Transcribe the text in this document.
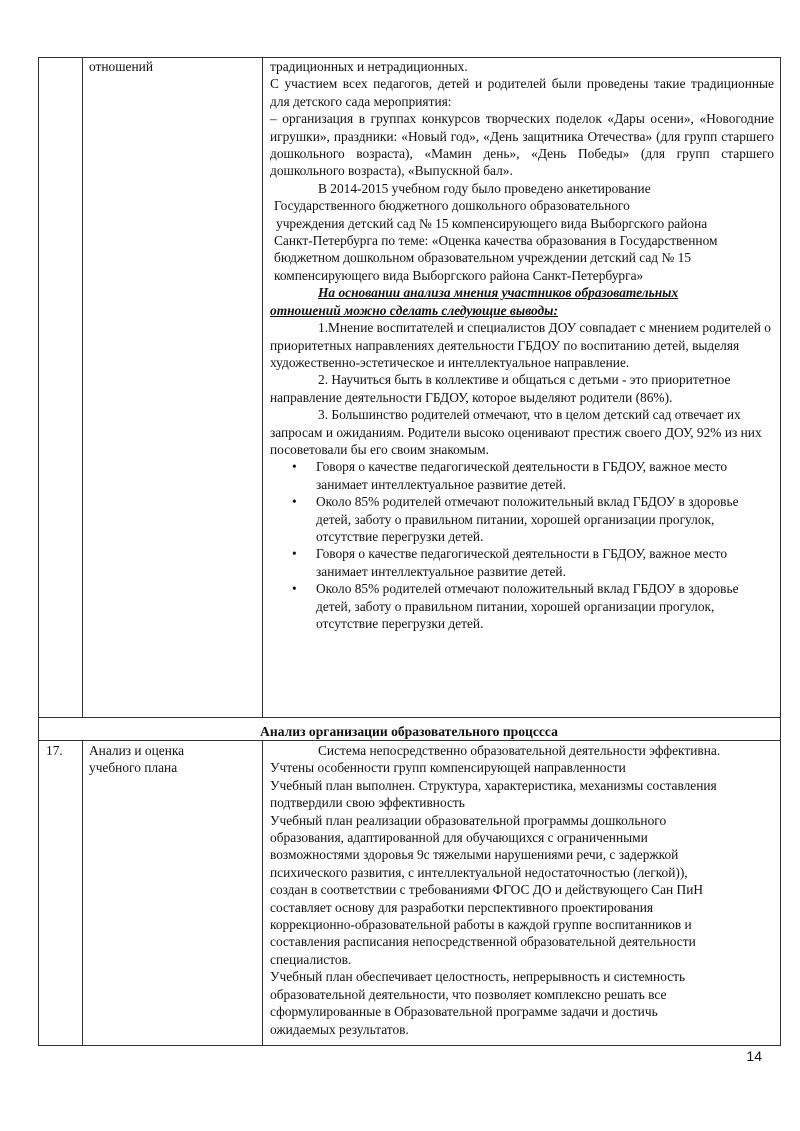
отношений	традиционных и нетрадиционных.

С участием всех педагогов, детей и родителей были проведены такие традиционные для детского сада мероприятия:

– организация в группах конкурсов творческих поделок «Дары осени», «Новогодние игрушки», праздники: «Новый год», «День защитника Отечества» (для групп старшего дошкольного возраста), «Мамин день», «День Победы» (для групп старшего дошкольного возраста), «Выпускной бал».

В 2014-2015 учебном году было проведено анкетирование
Государственного бюджетного дошкольного образовательного
учреждения детский сад № 15 компенсирующего вида Выборгского района
Санкт-Петербурга по теме: «Оценка качества образования в Государственном
бюджетном дошкольном образовательном учреждении детский сад № 15
компенсирующего вида Выборгского района Санкт-Петербурга»
На основании анализа мнения участников образовательных
отношений можно сделать следующие выводы:

1.Мнение воспитателей и специалистов ДОУ совпадает с мнением родителей о приоритетных направлениях деятельности ГБДОУ по воспитанию детей, выделяя художественно-эстетическое и интеллектуальное направление.

2. Научиться быть в коллективе и общаться с детьми - это приоритетное направление деятельности ГБДОУ, которое выделяют родители (86%).

3. Большинство родителей отмечают, что в целом детский сад отвечает их запросам и ожиданиям. Родители высоко оценивают престиж своего ДОУ, 92% из них посоветовали бы его своим знакомым.

• Говоря о качестве педагогической деятельности в ГБДОУ, важное место занимает интеллектуальное развитие детей.
• Около 85% родителей отмечают положительный вклад ГБДОУ в здоровье детей, заботу о правильном питании, хорошей организации прогулок, отсутствие перегрузки детей.
• Говоря о качестве педагогической деятельности в ГБДОУ, важное место занимает интеллектуальное развитие детей.
• Около 85% родителей отмечают положительный вклад ГБДОУ в здоровье детей, заботу о правильном питании, хорошей организации прогулок, отсутствие перегрузки детей.
Анализ организации образовательного процссса
17.	Анализ и оценка
учебного плана
Система непосредственно образовательной деятельности эффективна.
Учтены особенности групп компенсирующей направленности
Учебный план выполнен. Структура, характеристика, механизмы составления
подтвердили свою эффективность
Учебный план реализации образовательной программы дошкольного
образования, адаптированной для обучающихся с ограниченными
возможностями здоровья 9с тяжелыми нарушениями речи, с задержкой
психического развития, с интеллектуальной недостаточностью (легкой)),
создан в соответствии с требованиями ФГОС ДО и действующего Сан ПиН
составляет основу для разработки перспективного проектирования
коррекционно-образовательной работы в каждой группе воспитанников и
составления расписания непосредственной образовательной деятельности
специалистов.
Учебный план обеспечивает целостность, непрерывность и системность
образовательной деятельности, что позволяет комплексно решать все
сформулированные в Образовательной программе задачи и достичь
ожидаемых результатов.
14
